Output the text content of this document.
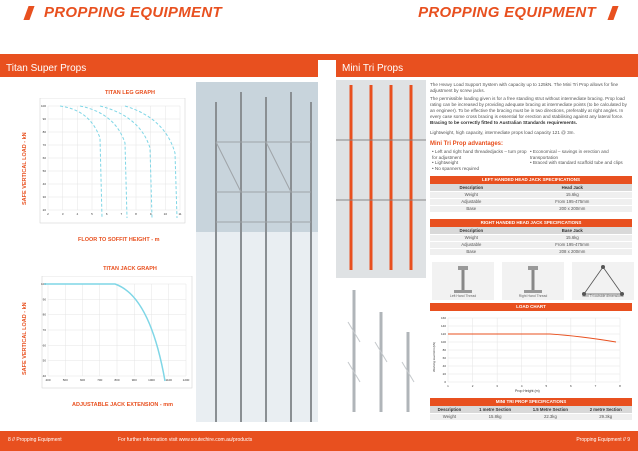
PROPPING EQUIPMENT	PROPPING EQUIPMENT
Titan Super Props	Mini Tri Props
TITAN LEG GRAPH
SAFE VERTICAL LOAD - kN
100
90
80
70
60
50
40
30
20
2	3	4	5	6	7	8	9	10	11
FLOOR TO SOFFIT HEIGHT - m
TITAN JACK GRAPH
SAFE VERTICAL LOAD - kN
100
90
80
70
60
50
40
400	500	600	700	800	900	1000	1100	1200
ADJUSTABLE JACK EXTENSION - mm
The Heavy Load Support System with capacity up to 125kN. The Mini Tri Prop allows for fine adjustment by screw jacks.
The permissible loading given is for a free standing strut without intermediate bracing. Prop load rating can be increased by providing adequate bracing at intermediate points (to be calculated by an engineer). To be effective the bracing must be in two directions, preferably at right angles. In every case some cross bracing is essential for erection and stabilising against any lateral force. Bracing to be correctly fitted to Australian Standards requirements.
Lightweight, high capacity, intermediate props load capacity 121 @ 3m.
Mini Tri Prop advantages:
• Left and right hand threadedjacks – turn prop for adjustment
• Lightweight
• No spanners required
• Economical – savings in erection and transportation
• Braced with standard scaffold tube and clips
LEFT HANDED HEAD JACK SPECIFICATIONS
Description	Head Jack
Weight	15.6kg
Adjustable	From 195-475mm
Base	200 x 200mm
RIGHT HANDED HEAD JACK SPECIFICATIONS
Description	Base Jack
Weight	15.6kg
Adjustable	From 195-475mm
Base	208 x 200mm
Left Hand Thread	Right Hand Thread	Mini Tri outside dimensions
LOAD CHART
160
140
120
100
80
60
40
20
0
1	2	3	4	5	6	7	8
Working load limit (kN)
Prop Height (m)
MINI TRI PROP SPECIFICATIONS
Description	1 metre Section	1.5 Metre Section	2 metre Section
Weight	15.8kg	22.3kg	29.3kg
8 // Propping Equipment	For further information visit www.soutechire.com.au/products	Propping Equipment // 9
